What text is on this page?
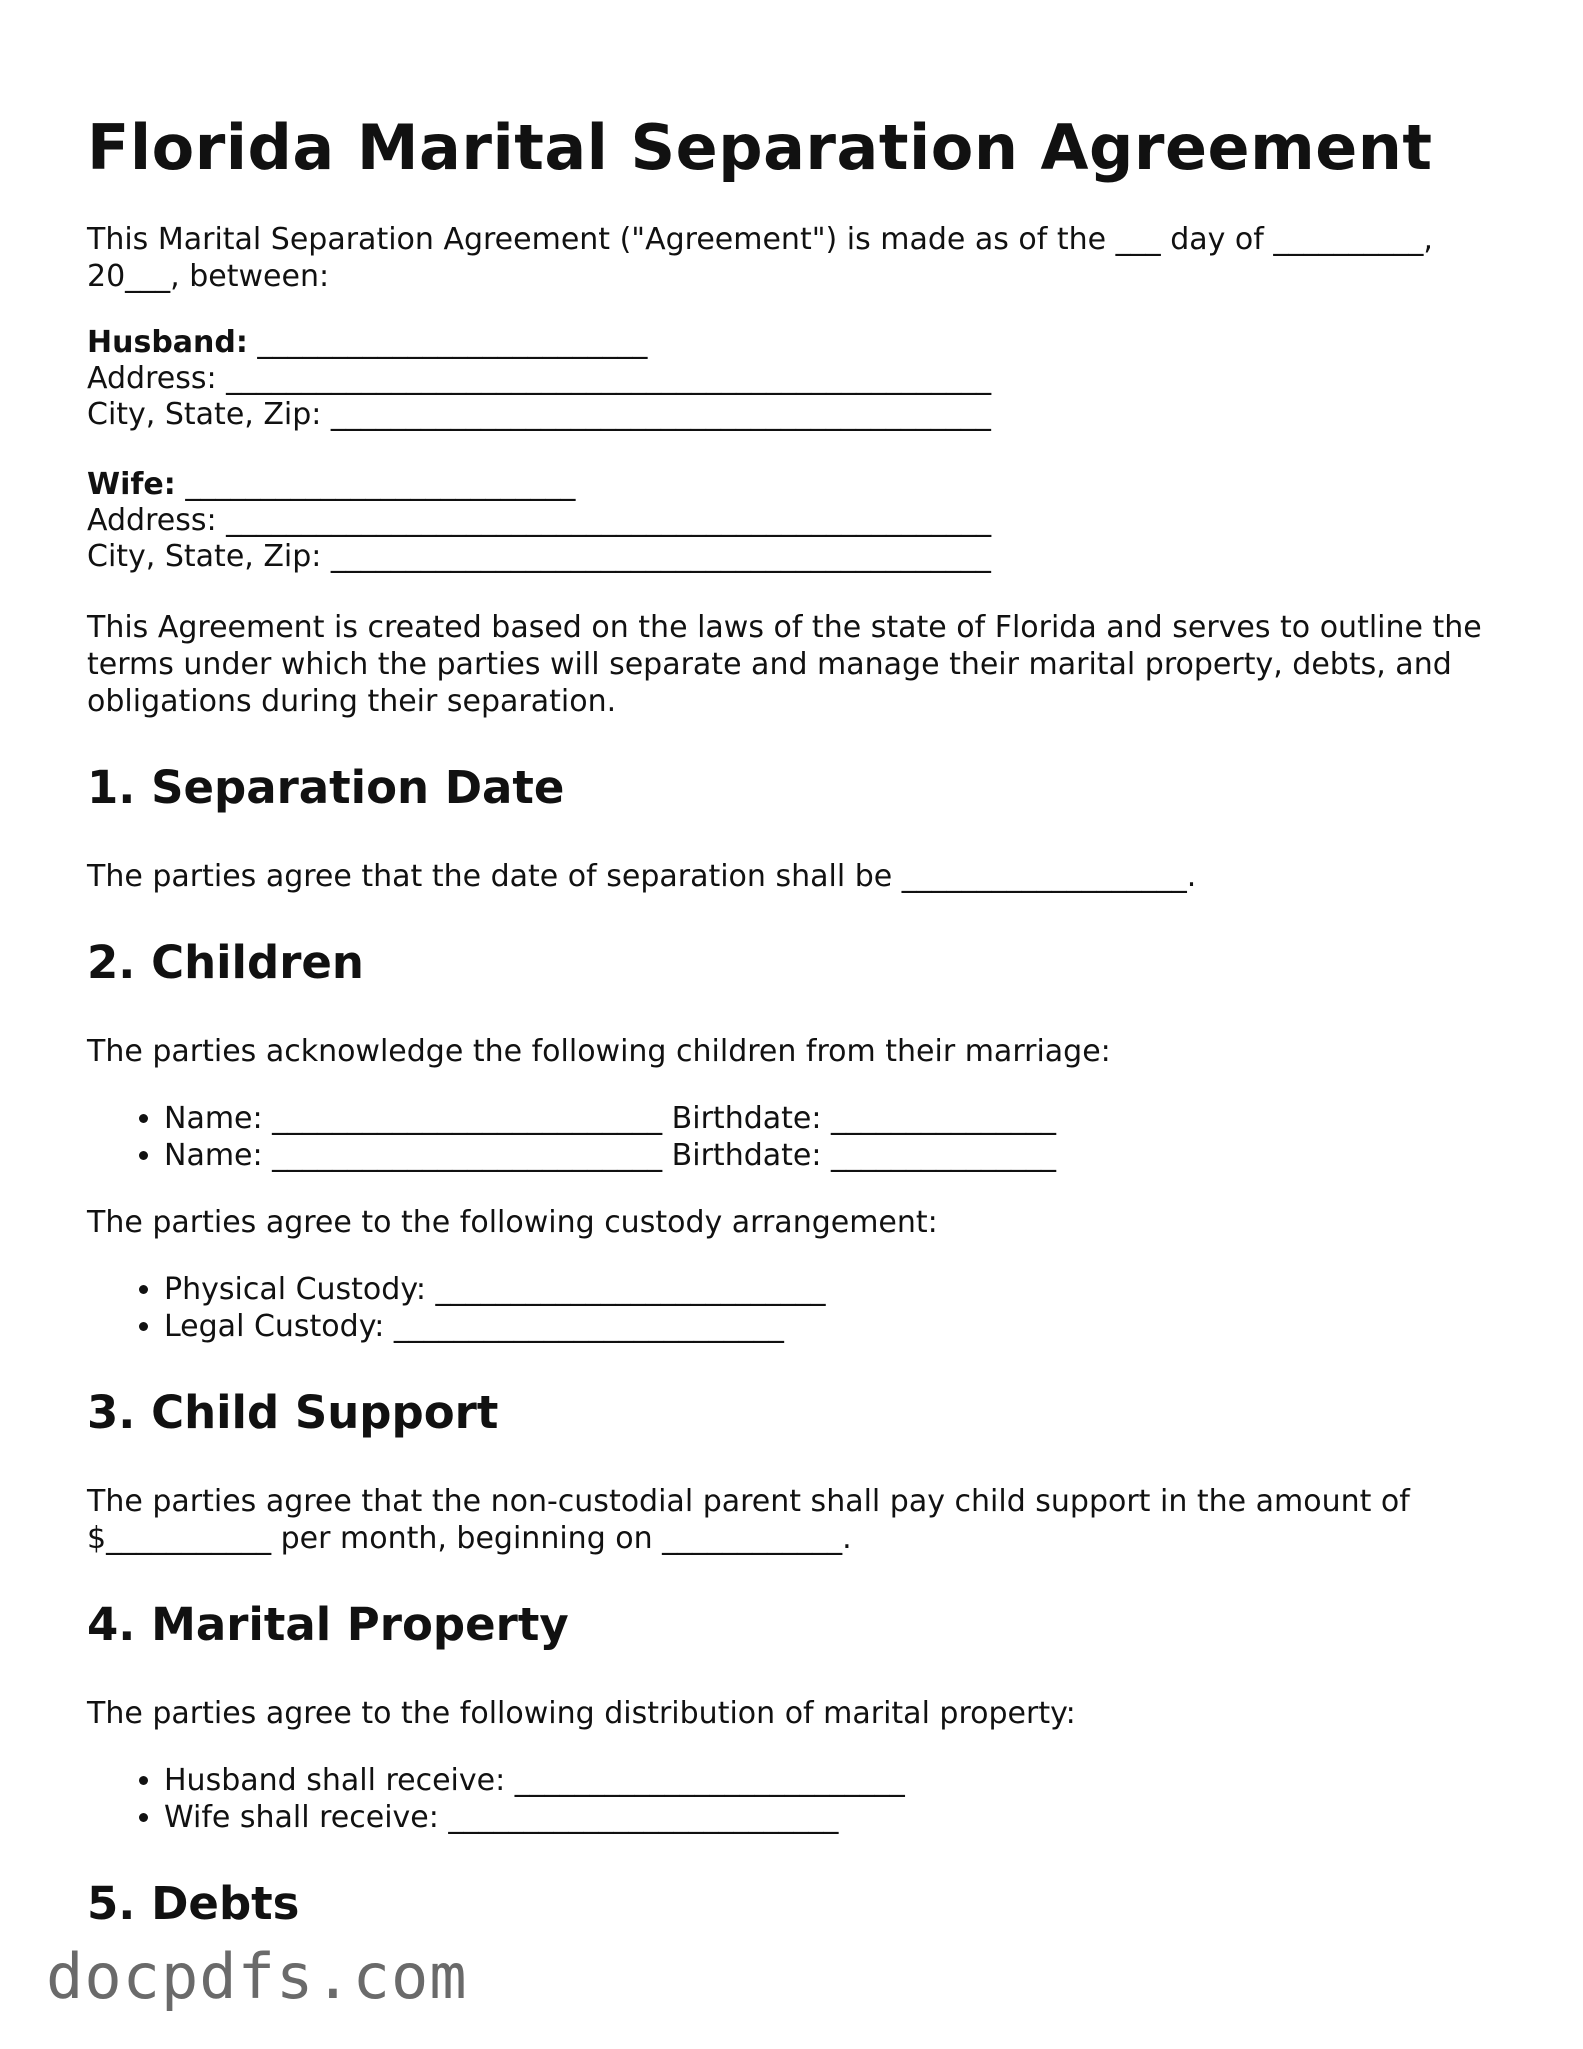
Florida Marital Separation Agreement

This Marital Separation Agreement ("Agreement") is made as of the ___ day of __________, 20___, between:

Husband: __________________________
Address: ___________________________________________________
City, State, Zip: ____________________________________________
Wife: __________________________
Address: ___________________________________________________
City, State, Zip: ____________________________________________

This Agreement is created based on the laws of the state of Florida and serves to outline the terms under which the parties will separate and manage their marital property, debts, and obligations during their separation.

1. Separation Date

The parties agree that the date of separation shall be ___________________.

2. Children

The parties acknowledge the following children from their marriage:

• Name: __________________________ Birthdate: _______________
• Name: __________________________ Birthdate: _______________

The parties agree to the following custody arrangement:

• Physical Custody: __________________________
• Legal Custody: __________________________
3. Child Support

The parties agree that the non-custodial parent shall pay child support in the amount of $___________ per month, beginning on ____________.

4. Marital Property

The parties agree to the following distribution of marital property:

• Husband shall receive: __________________________
• Wife shall receive: __________________________
5. Debts
docpdfs.com
